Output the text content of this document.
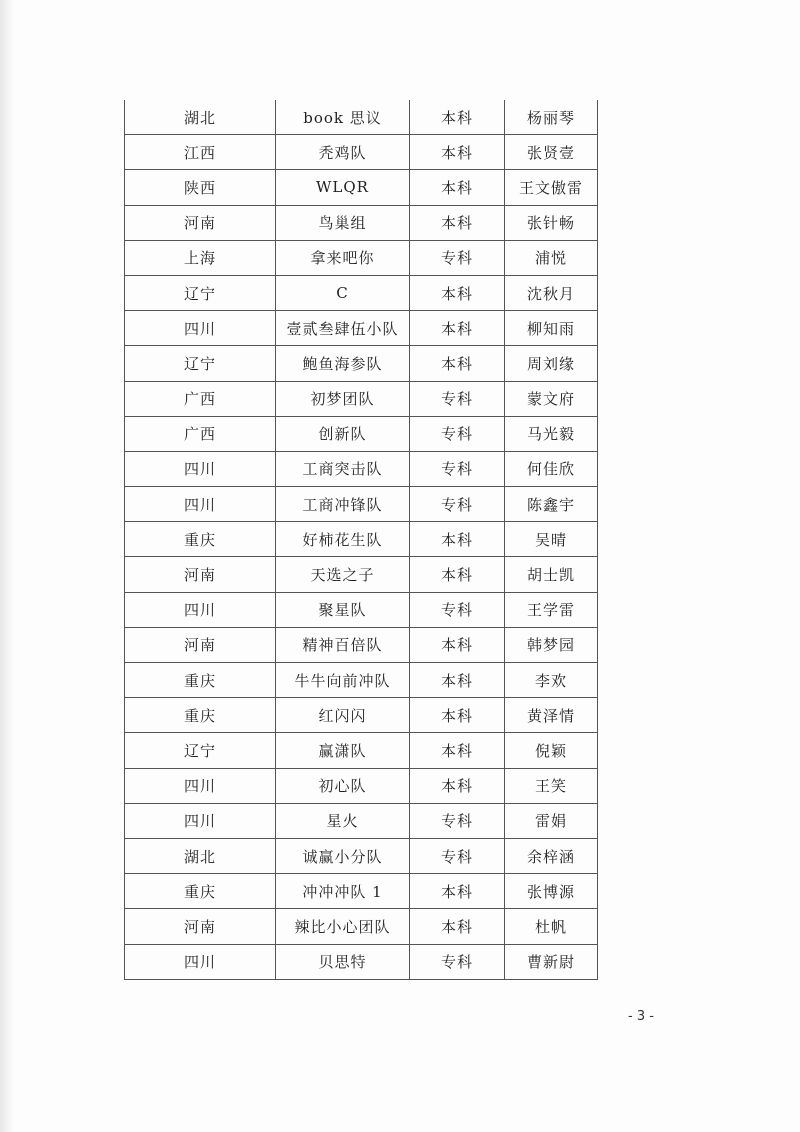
湖北	book 思议	本科	杨丽琴
江西	秃鸡队	本科	张贤壹
陕西	WLQR	本科	王文傲雷
河南	鸟巢组	本科	张针畅
上海	拿来吧你	专科	浦悦
辽宁	C	本科	沈秋月
四川	壹贰叁肆伍小队	本科	柳知雨
辽宁	鲍鱼海参队	本科	周刘缘
广西	初梦团队	专科	蒙文府
广西	创新队	专科	马光毅
四川	工商突击队	专科	何佳欣
四川	工商冲锋队	专科	陈鑫宇
重庆	好柿花生队	本科	吴晴
河南	天选之子	本科	胡士凯
四川	聚星队	专科	王学雷
河南	精神百倍队	本科	韩梦园
重庆	牛牛向前冲队	本科	李欢
重庆	红闪闪	本科	黄泽情
辽宁	赢潇队	本科	倪颖
四川	初心队	本科	王笑
四川	星火	专科	雷娟
湖北	诚赢小分队	专科	余梓涵
重庆	冲冲冲队 1	本科	张博源
河南	辣比小心团队	本科	杜帆
四川	贝思特	专科	曹新尉
- 3 -
